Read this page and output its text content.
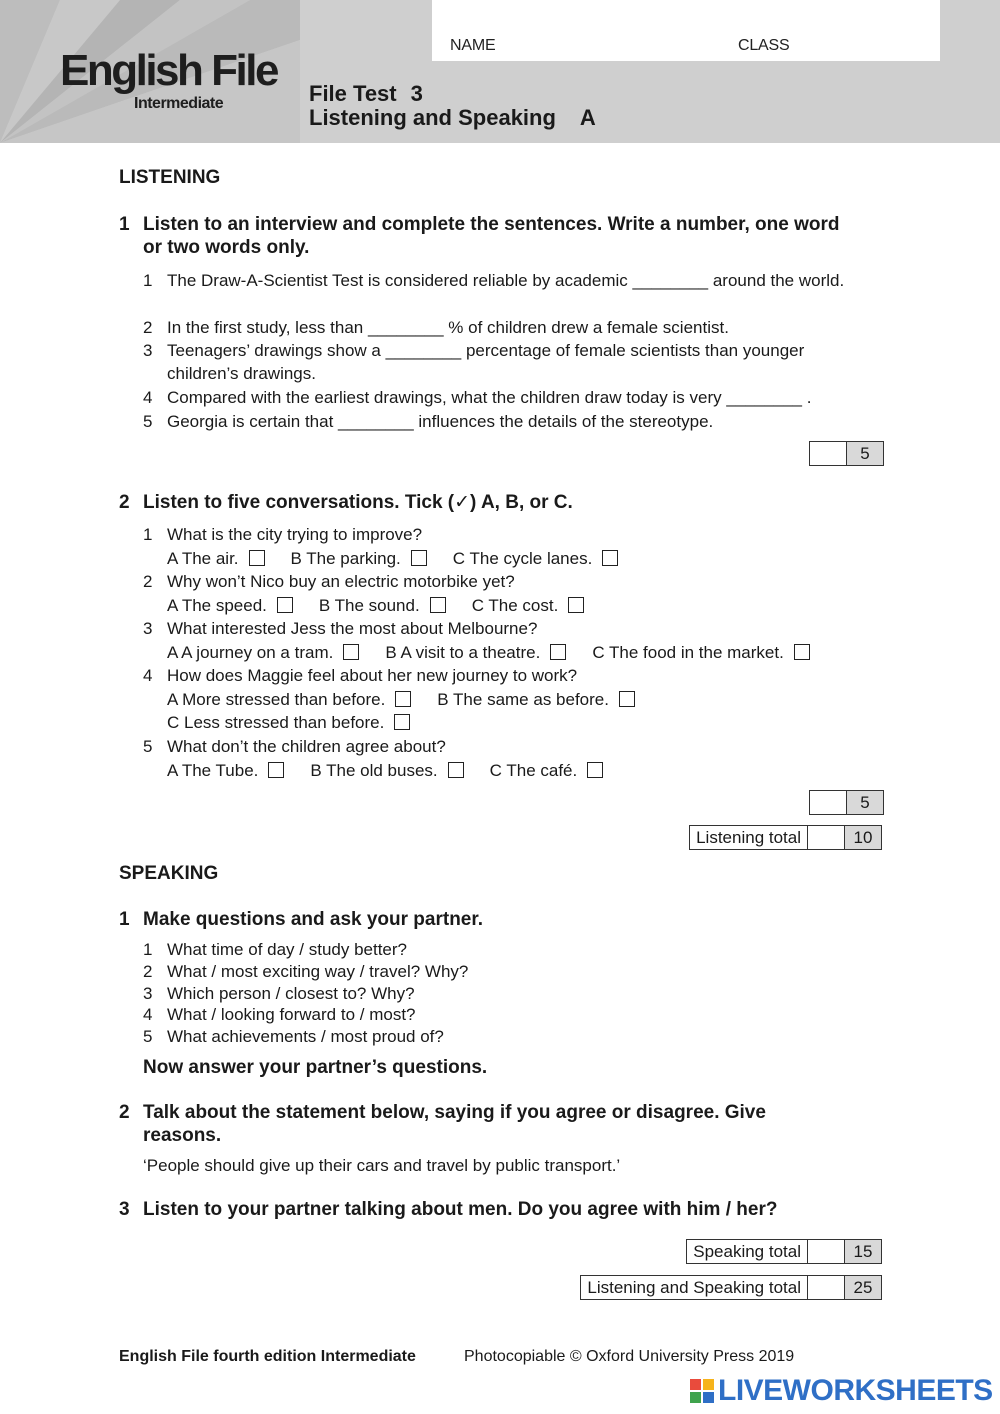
NAME	CLASS
English File
Intermediate	File Test 3
Listening and Speaking A
LISTENING
1 Listen to an interview and complete the sentences. Write a number, one word or two words only.
1 The Draw-A-Scientist Test is considered reliable by academic ________ around the world.
2 In the first study, less than ________ % of children drew a female scientist.
3 Teenagers’ drawings show a ________ percentage of female scientists than younger children’s drawings.
4 Compared with the earliest drawings, what the children draw today is very ________ .
5 Georgia is certain that ________ influences the details of the stereotype.
5
2 Listen to five conversations. Tick (✓) A, B, or C.
1 What is the city trying to improve?
A The air.	B The parking.	C The cycle lanes.
2 Why won’t Nico buy an electric motorbike yet?
A The speed.	B The sound.	C The cost.
3 What interested Jess the most about Melbourne?
A A journey on a tram.	B A visit to a theatre.	C The food in the market.
4 How does Maggie feel about her new journey to work?
A More stressed than before.	B The same as before.
C Less stressed than before.
5 What don’t the children agree about?
A The Tube.	B The old buses.	C The café.
5
Listening total	10
SPEAKING
1 Make questions and ask your partner.
1 What time of day / study better?
2 What / most exciting way / travel? Why?
3 Which person / closest to? Why?
4 What / looking forward to / most?
5 What achievements / most proud of?
Now answer your partner’s questions.
2 Talk about the statement below, saying if you agree or disagree. Give reasons.
‘People should give up their cars and travel by public transport.’
3 Listen to your partner talking about men. Do you agree with him / her?
Speaking total	15
Listening and Speaking total	25
English File fourth edition Intermediate	Photocopiable © Oxford University Press 2019
LIVEWORKSHEETS
